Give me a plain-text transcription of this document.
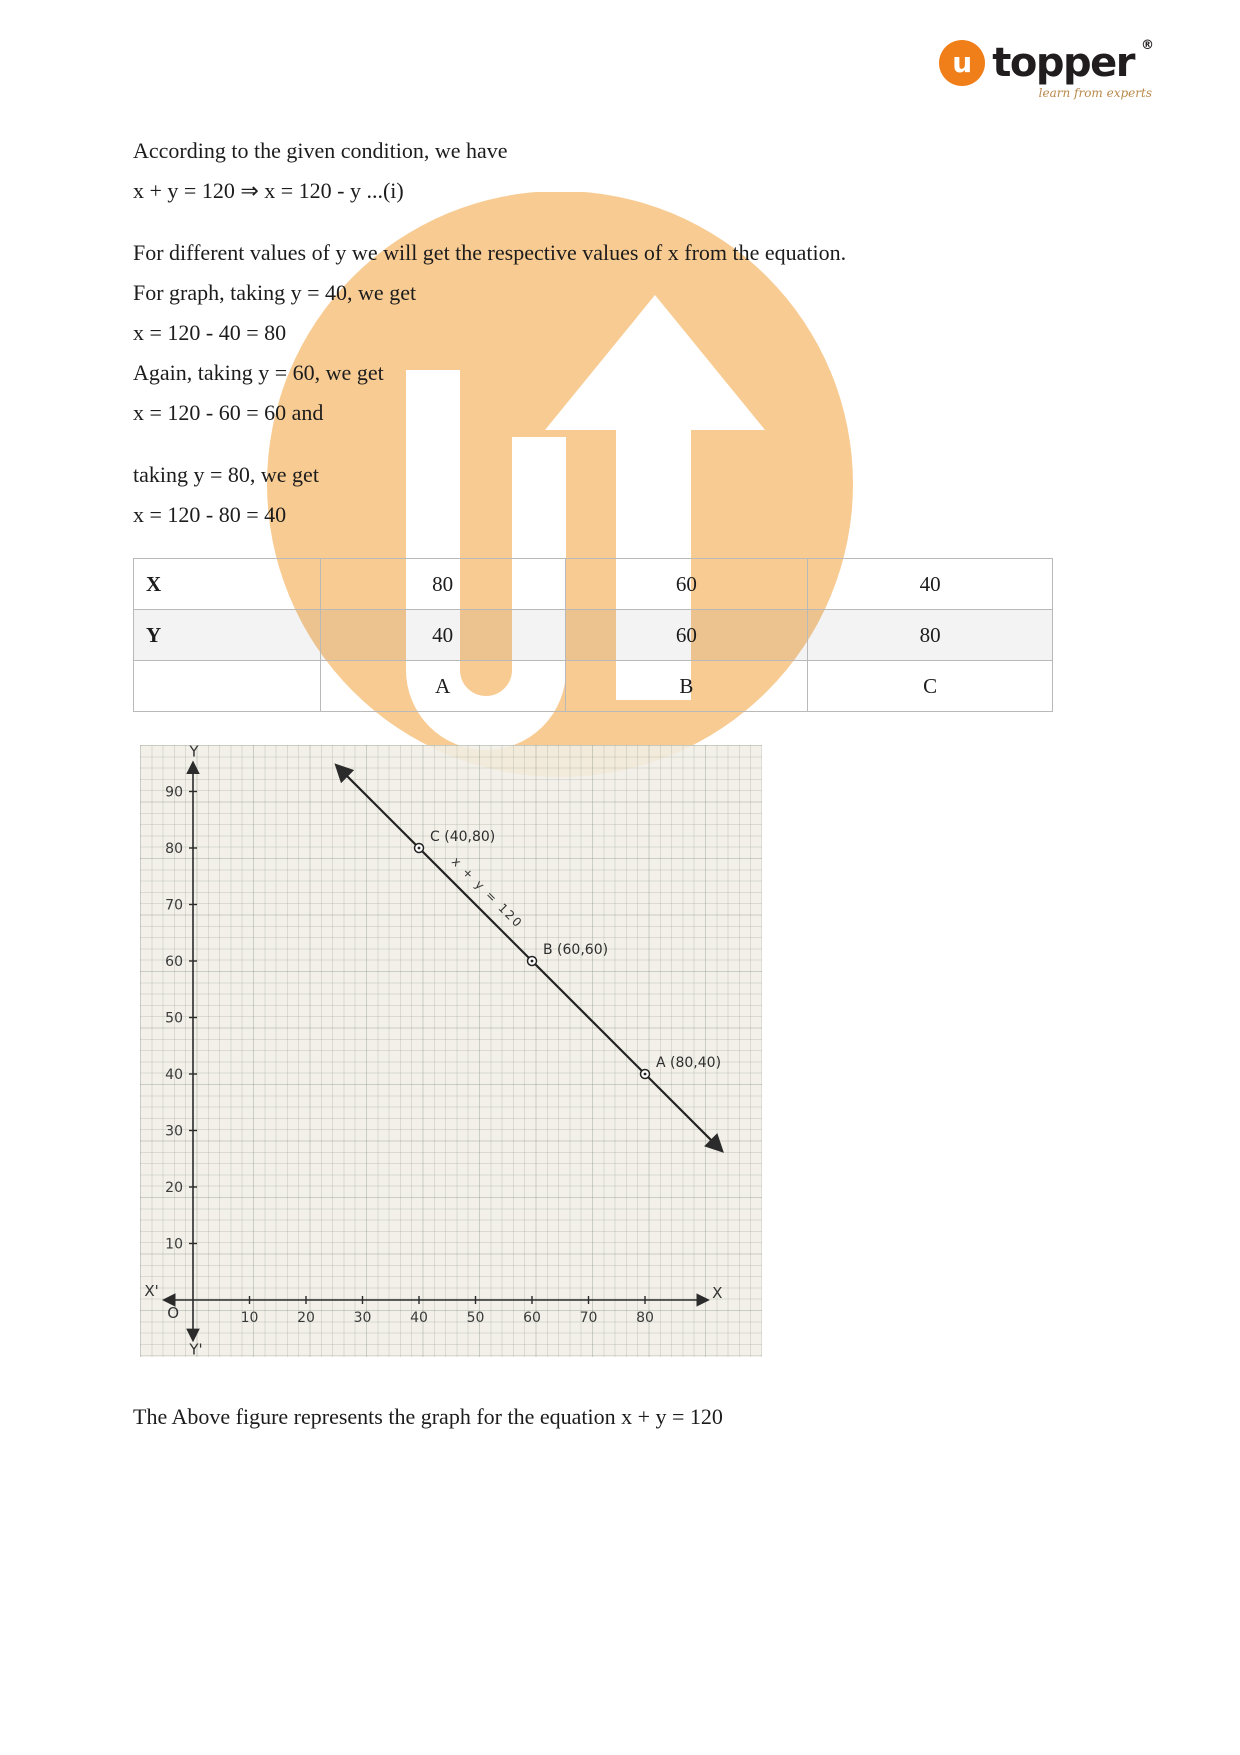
u topper ®
learn from experts

According to the given condition, we have

x + y = 120 ⇒ x = 120 - y ...(i)

For different values of y we will get the respective values of x from the equation.

For graph, taking y = 40, we get

x = 120 - 40 = 80

Again, taking y = 60, we get

x = 120 - 60 = 60 and

taking y = 80, we get

x = 120 - 80 = 40

X	80	60	40
Y	40	60	80
	A	B	C
10	20	30	40	50	60	70	80
10
20
30
40
50
60
70
80
90
Y
Y'
X'	X
O
x + y = 120
C (40,80)
B (60,60)
A (80,40)

The Above figure represents the graph for the equation x + y = 120
